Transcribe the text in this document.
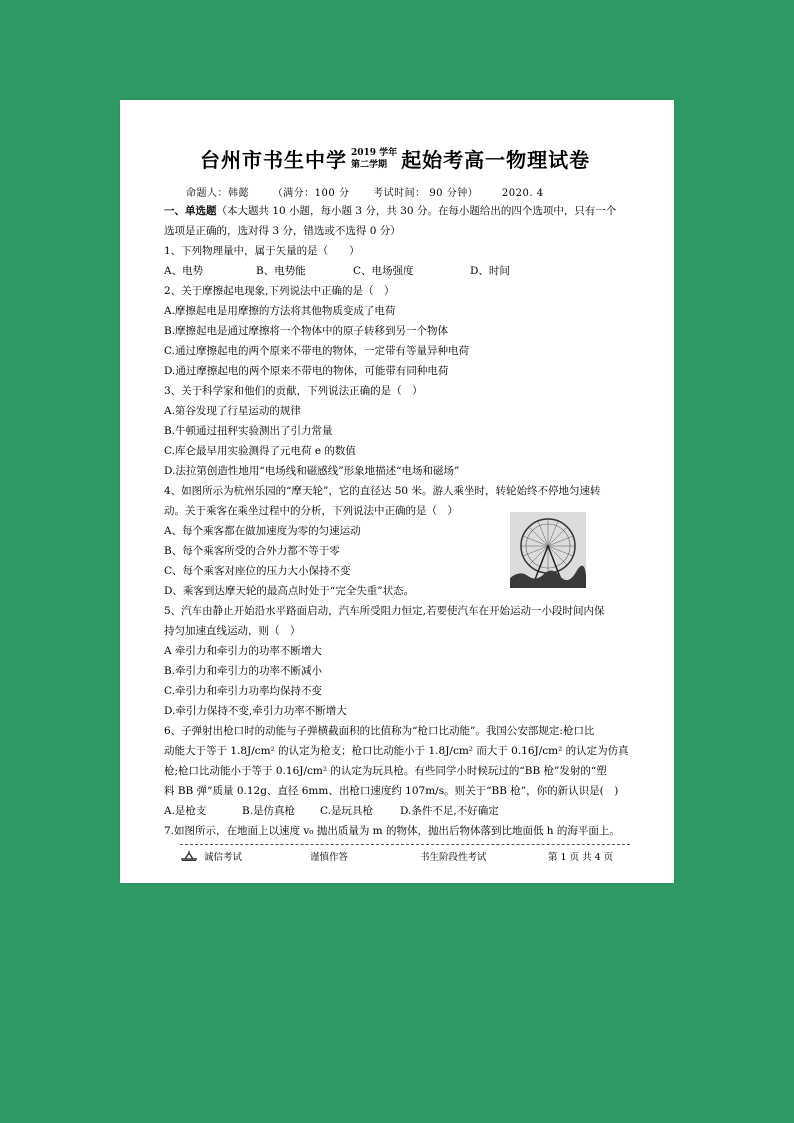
台州市书生中学 2019 学年
第二学期 起始考高一物理试卷
命题人：韩懿 （满分：100 分 考试时间： 90 分钟） 2020. 4
一、单选题（本大题共 10 小题，每小题 3 分，共 30 分。在每小题给出的四个选项中，只有一个
选项是正确的，选对得 3 分，错选或不选得 0 分）
1、下列物理量中，属于矢量的是（　　）
A、电势	B、电势能	C、电场强度	D、时间
2、关于摩擦起电现象,下列说法中正确的是（　）
A.摩擦起电是用摩擦的方法将其他物质变成了电荷
B.摩擦起电是通过摩擦将一个物体中的原子转移到另一个物体
C.通过摩擦起电的两个原来不带电的物体，一定带有等量异种电荷
D.通过摩擦起电的两个原来不带电的物体，可能带有同种电荷
3、关于科学家和他们的贡献，下列说法正确的是（　）
A.第谷发现了行星运动的规律
B.牛顿通过扭秤实验测出了引力常量
C.库仑最早用实验测得了元电荷 e 的数值
D.法拉第创造性地用“电场线和磁感线”形象地描述“电场和磁场”
4、如图所示为杭州乐园的“摩天轮”，它的直径达 50 米。游人乘坐时，转轮始终不停地匀速转
动。关于乘客在乘坐过程中的分析，下列说法中正确的是（　）
A、每个乘客都在做加速度为零的匀速运动
B、每个乘客所受的合外力都不等于零
C、每个乘客对座位的压力大小保持不变
D、乘客到达摩天轮的最高点时处于“完全失重”状态。
5、汽车由静止开始沿水平路面启动，汽车所受阻力恒定,若要使汽车在开始运动一小段时间内保
持匀加速直线运动，则（　）
A 牵引力和牵引力的功率不断增大
B.牵引力和牵引力的功率不断减小
C.牵引力和牵引力功率均保持不变
D.牵引力保持不变,牵引力功率不断增大
6、子弹射出枪口时的动能与子弹横截面积的比值称为“枪口比动能”。我国公安部规定:枪口比
动能大于等于 1.8J/cm² 的认定为枪支；枪口比动能小于 1.8J/cm² 而大于 0.16J/cm² 的认定为仿真
枪;枪口比动能小于等于 0.16J/cm² 的认定为玩具枪。有些同学小时候玩过的“BB 枪”发射的“塑
料 BB 弹”质量 0.12g、直径 6mm、出枪口速度约 107m/s。则关于“BB 枪”，你的新认识是(　)
A.是枪支	B.是仿真枪	C.是玩具枪	D.条件不足,不好确定
7.如图所示，在地面上以速度 v₀ 抛出质量为 m 的物体，抛出后物体落到比地面低 h 的海平面上。
诚信考试	谨慎作答	书生阶段性考试	第 1 页 共 4 页
